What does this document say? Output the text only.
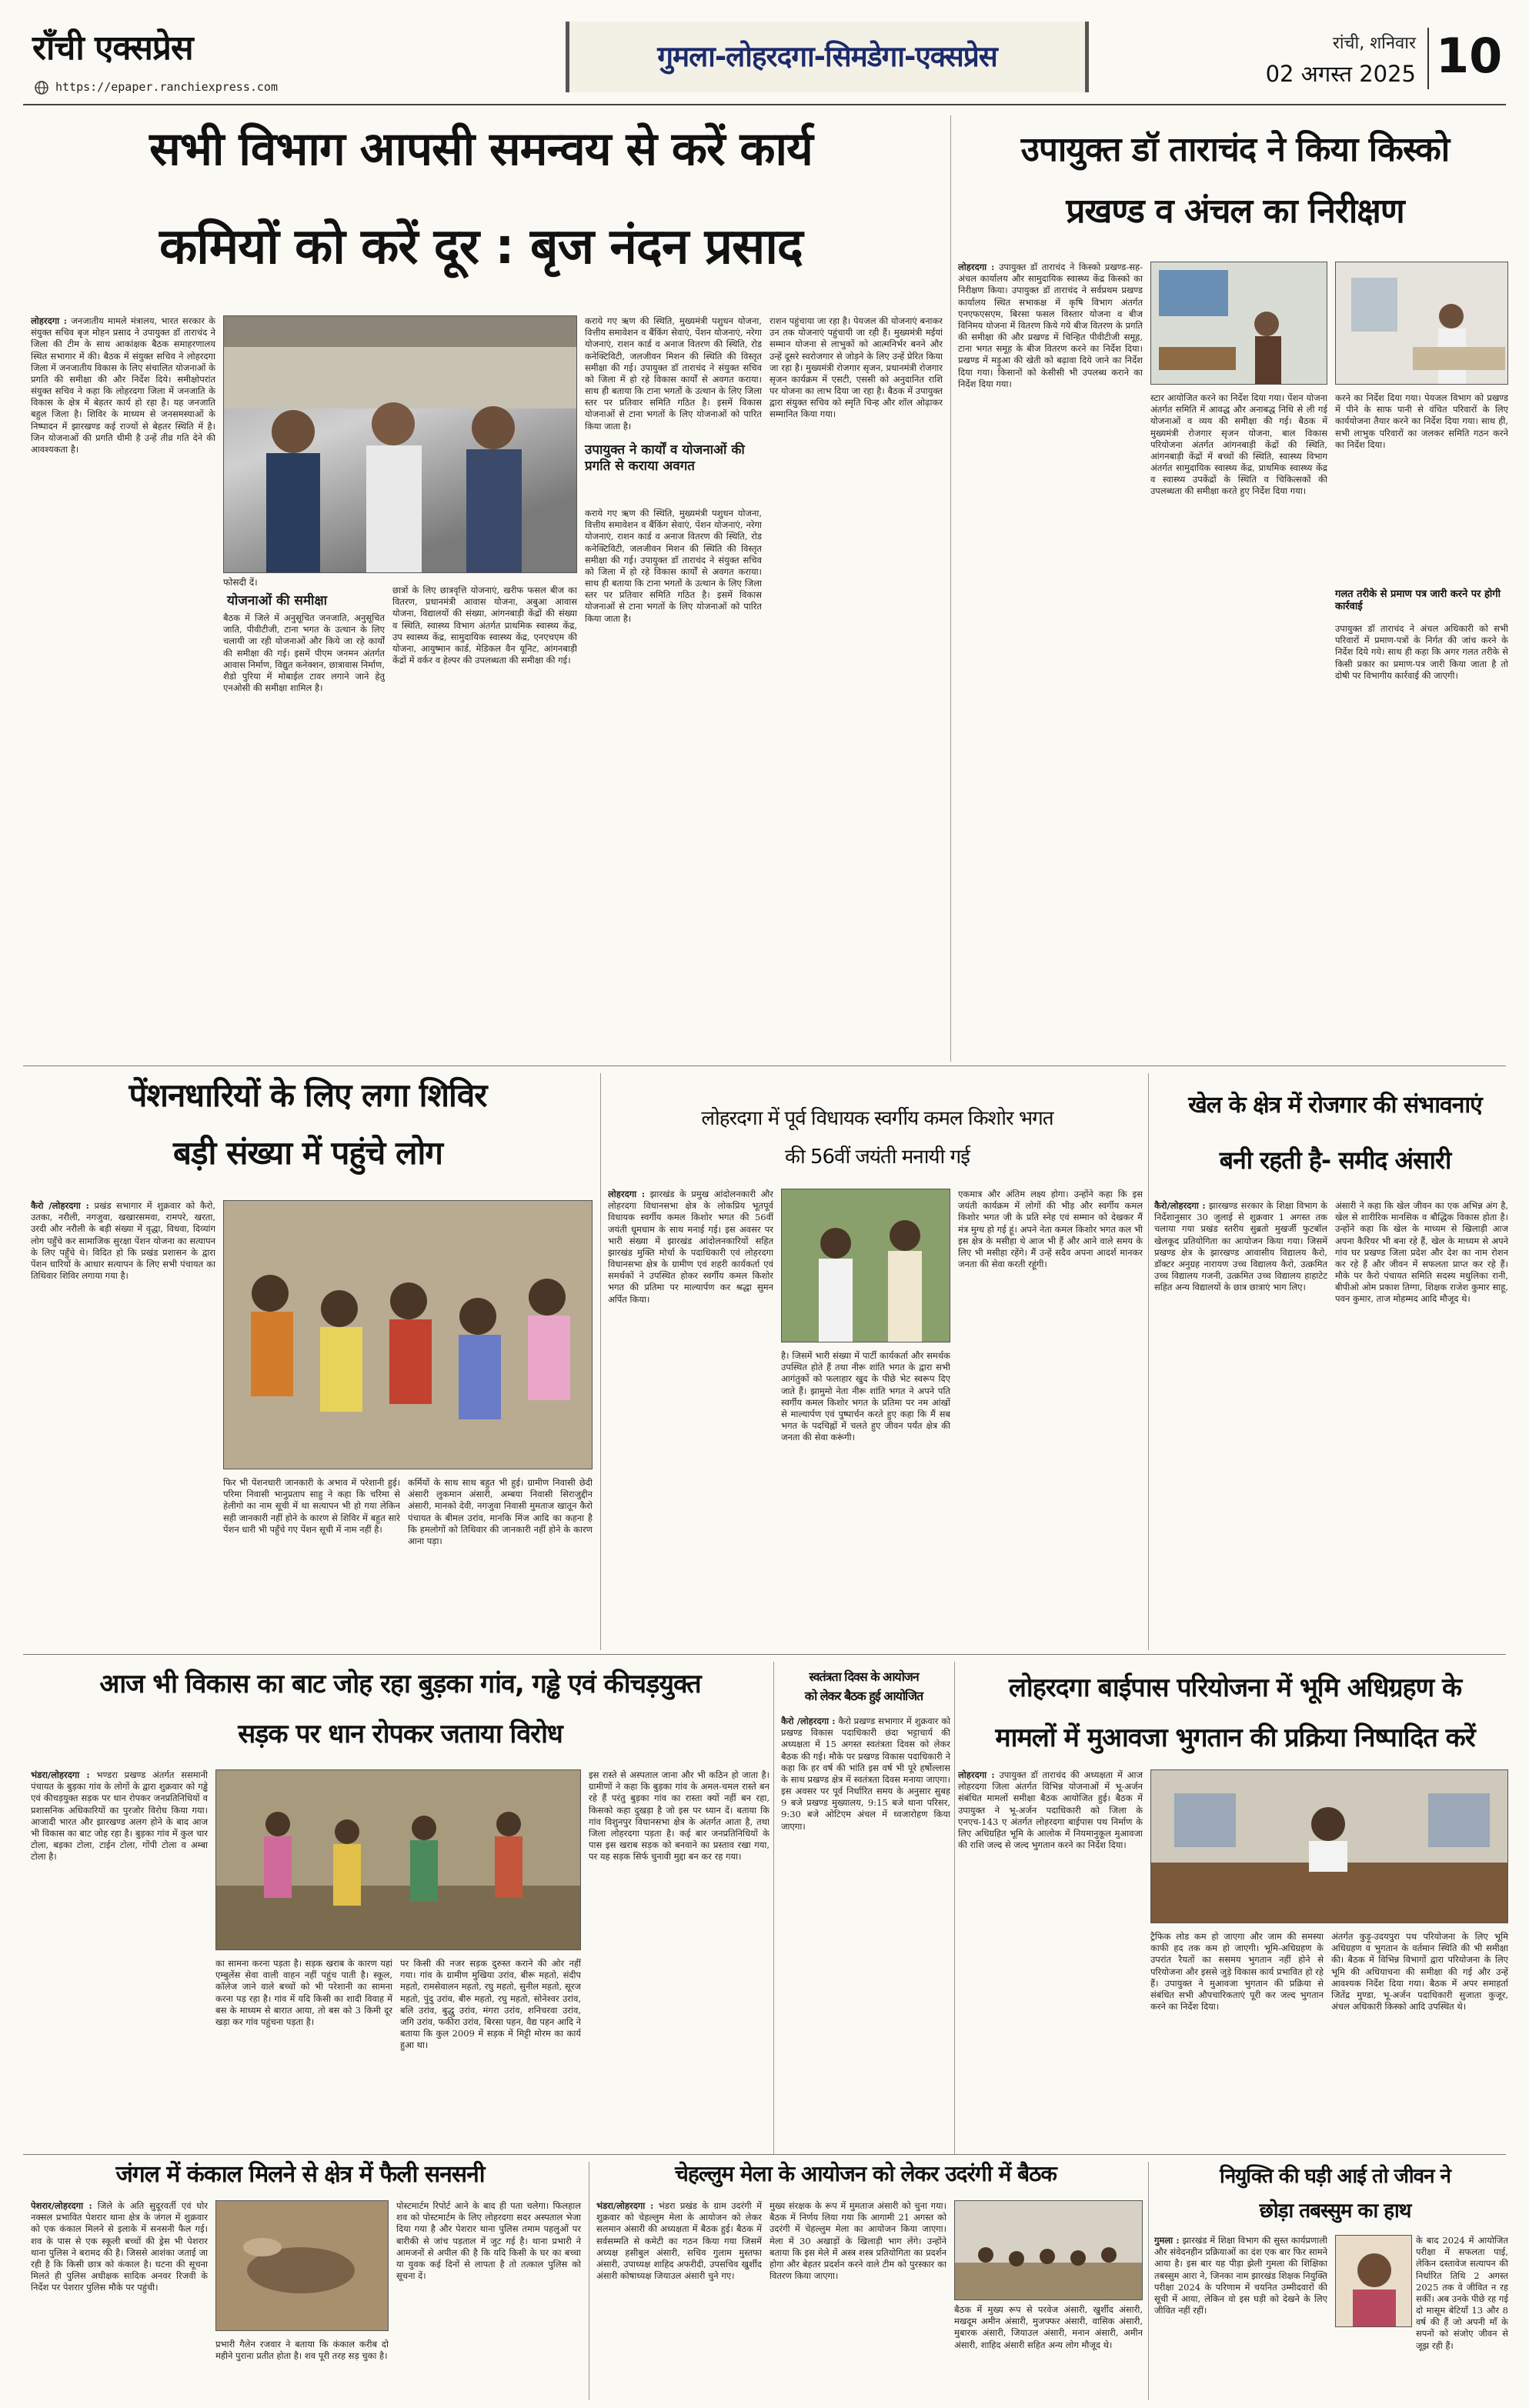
राँची एक्सप्रेस
https://epaper.ranchiexpress.com
गुमला-लोहरदगा-सिमडेगा-एक्सप्रेस	रांची, शनिवार
02 अगस्त 2025 10
सभी विभाग आपसी समन्वय से करें कार्य
कमियों को करें दूर : बृज नंदन प्रसाद
लोहरदगा : जनजातीय मामले मंत्रालय, भारत सरकार के संयुक्त सचिव बृज मोहन प्रसाद ने उपायुक्त डॉ ताराचंद ने जिला की टीम के साथ आकांक्षक बैठक समाहरणालय स्थित सभागार में की। बैठक में संयुक्त सचिव ने लोहरदगा जिला में जनजातीय विकास के लिए संचालित योजनाओं के प्रगति की समीक्षा की और निर्देश दिये। समीक्षोपरांत संयुक्त सचिव ने कहा कि लोहरदगा जिला में जनजाति के विकास के क्षेत्र में बेहतर कार्य हो रहा है। यह जनजाति बहुल जिला है। शिविर के माध्यम से जनसमस्याओं के निष्पादन में झारखण्ड कई राज्यों से बेहतर स्थिति में है। जिन योजनाओं की प्रगति धीमी है उन्हें तीव्र गति देने की आवश्यकता है।
फोसदी दें।
योजनाओं की समीक्षा
बैठक में जिले में अनुसूचित जनजाति, अनुसूचित जाति, पीवीटीजी, टाना भगत के उत्थान के लिए चलायी जा रही योजनाओं और किये जा रहे कार्यों की समीक्षा की गई। इसमें पीएम जनमन अंतर्गत आवास निर्माण, विद्युत कनेक्शन, छात्रावास निर्माण, शैडो पुरिया में मोबाईल टावर लगाने जाने हेतु एनओसी की समीक्षा शामिल है।
छात्रों के लिए छात्रवृत्ति योजनाएं, खरीफ फसल बीज का वितरण, प्रधानमंत्री आवास योजना, अबुआ आवास योजना, विद्यालयों की संख्या, आंगनबाड़ी केंद्रों की संख्या व स्थिति, स्वास्थ्य विभाग अंतर्गत प्राथमिक स्वास्थ्य केंद्र, उप स्वास्थ्य केंद्र, सामुदायिक स्वास्थ्य केंद्र, एनएचएम की योजना, आयुष्मान कार्ड, मेडिकल वैन यूनिट, आंगनबाड़ी केंद्रों में वर्कर व हेल्पर की उपलब्धता की समीक्षा की गई।
कराये गए ऋण की स्थिति, मुख्यमंत्री पशुधन योजना, वित्तीय समावेशन व बैंकिंग सेवाएं, पेंशन योजनाएं, नरेगा योजनाएं, राशन कार्ड व अनाज वितरण की स्थिति, रोड कनेक्टिविटी, जलजीवन मिशन की स्थिति की विस्तृत समीक्षा की गई। उपायुक्त डॉ ताराचंद ने संयुक्त सचिव को जिला में हो रहे विकास कार्यों से अवगत कराया। साथ ही बताया कि टाना भगतों के उत्थान के लिए जिला स्तर पर प्रतिवार समिति गठित है। इसमें विकास योजनाओं से टाना भगतों के लिए योजनाओं को पारित किया जाता है।
उपायुक्त ने कार्यों व योजनाओं की प्रगति से कराया अवगत
कराये गए ऋण की स्थिति, मुख्यमंत्री पशुधन योजना, वित्तीय समावेशन व बैंकिंग सेवाएं, पेंशन योजनाएं, नरेगा योजनाएं, राशन कार्ड व अनाज वितरण की स्थिति, रोड कनेक्टिविटी, जलजीवन मिशन की स्थिति की विस्तृत समीक्षा की गई। उपायुक्त डॉ ताराचंद ने संयुक्त सचिव को जिला में हो रहे विकास कार्यों से अवगत कराया। साथ ही बताया कि टाना भगतों के उत्थान के लिए जिला स्तर पर प्रतिवार समिति गठित है। इसमें विकास योजनाओं से टाना भगतों के लिए योजनाओं को पारित किया जाता है।
राशन पहुंचाया जा रहा है। पेयजल की योजनाएं बनाकर उन तक योजनाएं पहुंचायी जा रही हैं। मुख्यमंत्री मईयां सम्मान योजना से लाभुकों को आत्मनिर्भर बनने और उन्हें दूसरे स्वरोजगार से जोड़ने के लिए उन्हें प्रेरित किया जा रहा है। मुख्यमंत्री रोजगार सृजन, प्रधानमंत्री रोजगार सृजन कार्यक्रम में एसटी, एससी को अनुदानित राशि पर योजना का लाभ दिया जा रहा है। बैठक में उपायुक्त द्वारा संयुक्त सचिव को स्मृति चिन्ह और शॉल ओढ़ाकर सम्मानित किया गया।
उपायुक्त डॉ ताराचंद ने किया किस्को
प्रखण्ड व अंचल का निरीक्षण
लोहरदगा : उपायुक्त डॉ ताराचंद ने किस्को प्रखण्ड-सह-अंचल कार्यालय और सामुदायिक स्वास्थ्य केंद्र किस्को का निरीक्षण किया। उपायुक्त डॉ ताराचंद ने सर्वप्रथम प्रखण्ड कार्यालय स्थित सभाकक्ष में कृषि विभाग अंतर्गत एनएफएसएम, बिरसा फसल विस्तार योजना व बीज विनिमय योजना में वितरण किये गये बीज वितरण के प्रगति की समीक्षा की और प्रखण्ड में चिन्हित पीवीटीजी समूह, टाना भगत समूह के बीज वितरण करने का निर्देश दिया। प्रखण्ड में मड़ुआ की खेती को बढ़ावा दिये जाने का निर्देश दिया गया। किसानों को केसीसी भी उपलब्ध कराने का निर्देश दिया गया।
स्टार आयोजित करने का निर्देश दिया गया। पेंशन योजना अंतर्गत समिति में आवद्ध और अनाबद्ध निधि से ली गई योजनाओं व व्यय की समीक्षा की गई। बैठक में मुख्यमंत्री रोजगार सृजन योजना, बाल विकास परियोजना अंतर्गत आंगनबाड़ी केंद्रों की स्थिति, आंगनबाड़ी केंद्रों में बच्चों की स्थिति, स्वास्थ्य विभाग अंतर्गत सामुदायिक स्वास्थ्य केंद्र, प्राथमिक स्वास्थ्य केंद्र व स्वास्थ्य उपकेंद्रों के स्थिति व चिकित्सकों की उपलब्धता की समीक्षा करते हुए निर्देश दिया गया।
करने का निर्देश दिया गया। पेयजल विभाग को प्रखण्ड में पीने के साफ पानी से वंचित परिवारों के लिए कार्ययोजना तैयार करने का निर्देश दिया गया। साथ ही, सभी लाभुक परिवारों का जलकर समिति गठन करने का निर्देश दिया।
गलत तरीके से प्रमाण पत्र जारी करने पर होगी कार्रवाई
उपायुक्त डॉ ताराचंद ने अंचल अधिकारी को सभी परिवारों में प्रमाण-पत्रों के निर्गत की जांच करने के निर्देश दिये गये। साथ ही कहा कि अगर गलत तरीके से किसी प्रकार का प्रमाण-पत्र जारी किया जाता है तो दोषी पर विभागीय कार्रवाई की जाएगी।
पेंशनधारियों के लिए लगा शिविर
बड़ी संख्या में पहुंचे लोग
कैरो /लोहरदगा : प्रखंड सभागार में शुक्रवार को कैरो, उतका, नरौली, नगजुवा, खखारसमवा, रामपरे, खरता, उरदी और नरौली के बड़ी संख्या में वृद्धा, विधवा, दिव्यांग लोग पहुँचे कर सामाजिक सुरक्षा पेंशन योजना का सत्यापन के लिए पहुँचे थे। विदित हो कि प्रखंड प्रशासन के द्वारा पेंशन धारियों के आधार सत्यापन के लिए सभी पंचायत का तिथिवार शिविर लगाया गया है।
फिर भी पेंशनधारी जानकारी के अभाव में परेशानी हुई। परिमा निवासी भानुप्रताप साहु ने कहा कि चरिमा से हेलीगो का नाम सूची में था सत्यापन भी हो गया लेकिन सही जानकारी नहीं होने के कारण से शिविर में बहुत सारे पेंशन धारी भी पहुँचे गए पेंशन सूची में नाम नहीं है।
कर्मियों के साथ साथ बहुत भी हुई। ग्रामीण निवासी छेदी अंसारी लुकमान अंसारी, अम्बया निवासी सिराजुद्दीन अंसारी, मानको देवी, नगजुवा निवासी मुमताज खातून कैरो पंचायत के बीमल उरांव, मानकि मिंज आदि का कहना है कि हमलोगों को तिथिवार की जानकारी नहीं होने के कारण आना पड़ा।
लोहरदगा में पूर्व विधायक स्वर्गीय कमल किशोर भगत
की 56वीं जयंती मनायी गई
लोहरदगा : झारखंड के प्रमुख आंदोलनकारी और लोहरदगा विधानसभा क्षेत्र के लोकप्रिय भूतपूर्व विधायक स्वर्गीय कमल किशोर भगत की 56वीं जयंती धूमधाम के साथ मनाई गई। इस अवसर पर भारी संख्या में झारखंड आंदोलनकारियों सहित झारखंड मुक्ति मोर्चा के पदाधिकारी एवं लोहरदगा विधानसभा क्षेत्र के ग्रामीण एवं शहरी कार्यकर्ता एवं समर्थकों ने उपस्थित होकर स्वर्गीय कमल किशोर भगत की प्रतिमा पर माल्यार्पण कर श्रद्धा सुमन अर्पित किया।
है। जिसमें भारी संख्या में पार्टी कार्यकर्ता और समर्थक उपस्थित होते हैं तथा नीरू शांति भगत के द्वारा सभी आगंतुकों को फलाहार खुद के पीछे भेट स्वरूप दिए जाते हैं। झामुमो नेता नीरू शांति भगत ने अपने पति स्वर्गीय कमल किशोर भगत के प्रतिमा पर नम आंखों से माल्यार्पण एवं पुष्पार्चन करते हुए कहा कि मैं सब भगत के पदचिह्नों में चलते हुए जीवन पर्यंत क्षेत्र की जनता की सेवा करूंगी।
एकमात्र और अंतिम लक्ष्य होगा। उन्होंने कहा कि इस जयंती कार्यक्रम में लोगों की भीड़ और स्वर्गीय कमल किशोर भगत जी के प्रति स्नेह एवं सम्मान को देखकर मैं मंत्र मुग्ध हो गई हूं। अपने नेता कमल किशोर भगत कल भी इस क्षेत्र के मसीहा थे आज भी हैं और आने वाले समय के लिए भी मसीहा रहेंगे। मैं उन्हें सदैव अपना आदर्श मानकर जनता की सेवा करती रहूंगी।
खेल के क्षेत्र में रोजगार की संभावनाएं
बनी रहती है- समीद अंसारी
कैरो/लोहरदगा : झारखण्ड सरकार के शिक्षा विभाग के निर्देशानुसार 30 जुलाई से शुक्रवार 1 अगस्त तक चलाया गया प्रखंड स्तरीय सुब्रतो मुखर्जी फुटबॉल खेलकूद प्रतियोगिता का आयोजन किया गया। जिसमें प्रखण्ड क्षेत्र के झारखण्ड आवासीय विद्यालय कैरो, डॉक्टर अनुग्रह नारायण उच्च विद्यालय कैरो, उत्क्रमित उच्च विद्यालय गजनी, उत्क्रमित उच्च विद्यालय हाहाटेट सहित अन्य विद्यालयों के छात्र छात्राएं भाग लिए।
अंसारी ने कहा कि खेल जीवन का एक अभिन्न अंग है, खेल से शारीरिक मानसिक व बौद्धिक विकास होता है। उन्होंने कहा कि खेल के माध्यम से खिलाड़ी आज अपना कैरियर भी बना रहे हैं, खेल के माध्यम से अपने गांव घर प्रखण्ड जिला प्रदेश और देश का नाम रोशन कर रहे हैं और जीवन में सफलता प्राप्त कर रहे हैं। मौके पर कैरो पंचायत समिति सदस्य मधुलिका रानी, बीपीओ ओम प्रकाश तिग्गा, शिक्षक राजेश कुमार साहू, पवन कुमार, ताज मोहम्मद आदि मौजूद थे।
आज भी विकास का बाट जोह रहा बुड़का गांव, गड्ढे एवं कीचड़युक्त
सड़क पर धान रोपकर जताया विरोध
भंडरा/लोहरदगा : भण्डरा प्रखण्ड अंतर्गत ससमानी पंचायत के बुड़का गांव के लोगों के द्वारा शुक्रवार को गड्ढे एवं कीचड़युक्त सड़क पर धान रोपकर जनप्रतिनिधियों व प्रशासनिक अधिकारियों का पुरजोर विरोध किया गया। आजादी भारत और झारखण्ड अलग होने के बाद आज भी विकास का बाट जोह रहा है। बुड़का गांव में कुल चार टोला, बड़का टोला, टाईन टोला, गोंपी टोला व अम्बा टोला है।
का सामना करना पड़ता है। सड़क खराब के कारण यहां एम्बुलेंस सेवा वाली वाहन नहीं पहुंच पाती है। स्कूल, कॉलेज जाने वाले बच्चों को भी परेशानी का सामना करना पड़ रहा है। गांव में यदि किसी का शादी विवाह में बस के माध्यम से बारात आया, तो बस को 3 किमी दूर खड़ा कर गांव पहुंचना पड़ता है।
पर किसी की नजर सड़क दुरुस्त कराने की ओर नहीं गया। गांव के ग्रामीण मुखिया उरांव, बीरू महतो, संदीप महतो, रामसेवालन महतो, रघु महतो, सुनील महतो, सूरज महतो, पुंदु उरांव, बीरु महतो, रघु महतो, सोनेश्वर उरांव, बलि उरांव, बुद्धु उरांव, मंगरा उरांव, शनिचरवा उरांव, जगि उरांव, फकीरा उरांव, बिरसा पहन, वैद्य पहन आदि ने बताया कि कुल 2009 में सड़क में मिट्टी मोरम का कार्य हुआ था।
इस रास्ते से अस्पताल जाना और भी कठिन हो जाता है। ग्रामीणों ने कहा कि बुड़का गांव के अमल-चमल रास्ते बन रहे हैं परंतु बुड़का गांव का रास्ता क्यों नहीं बन रहा, किसको कहा दुखड़ा है जो इस पर ध्यान दें। बताया कि गांव विशुनपुर विधानसभा क्षेत्र के अंतर्गत आता है, तथा जिला लोहरदगा पड़ता है। कई बार जनप्रतिनिधियों के पास इस खराब सड़क को बनवाने का प्रस्ताव रखा गया, पर यह सड़क सिर्फ चुनावी मुद्दा बन कर रह गया।
स्वतंत्रता दिवस के आयोजन
को लेकर बैठक हुई आयोजित
कैरो /लोहरदगा : कैरो प्रखण्ड सभागार में शुक्रवार को प्रखण्ड विकास पदाधिकारी छंदा भट्टाचार्य की अध्यक्षता में 15 अगस्त स्वतंत्रता दिवस को लेकर बैठक की गई। मौके पर प्रखण्ड विकास पदाधिकारी ने कहा कि हर वर्ष की भांति इस वर्ष भी पूरे हर्षोल्लास के साथ प्रखण्ड क्षेत्र में स्वतंत्रता दिवस मनाया जाएगा। इस अवसर पर पूर्व निर्धारित समय के अनुसार सुबह 9 बजे प्रखण्ड मुख्यालय, 9:15 बजे थाना परिसर, 9:30 बजे ओटिएम अंचल में ध्वजारोहण किया जाएगा।
लोहरदगा बाईपास परियोजना में भूमि अधिग्रहण के
मामलों में मुआवजा भुगतान की प्रक्रिया निष्पादित करें
लोहरदगा : उपायुक्त डॉ ताराचंद की अध्यक्षता में आज लोहरदगा जिला अंतर्गत विभिन्न योजनाओं में भू-अर्जन संबंधित मामलों समीक्षा बैठक आयोजित हुई। बैठक में उपायुक्त ने भू-अर्जन पदाधिकारी को जिला के एनएच-143 ए अंतर्गत लोहरदगा बाईपास पथ निर्माण के लिए अधिग्रहित भूमि के आलोक में नियमानुकूल मुआवजा की राशि जल्द से जल्द भुगतान करने का निर्देश दिया।
ट्रैफिक लोड कम हो जाएगा और जाम की समस्या काफी हद तक कम हो जाएगी। भूमि-अधिग्रहण के उपरांत रैयतों का ससमय भुगतान नहीं होने से परियोजना और इससे जुड़े विकास कार्य प्रभावित हो रहे हैं। उपायुक्त ने मुआवजा भुगतान की प्रक्रिया से संबंधित सभी औपचारिकताएं पूरी कर जल्द भुगतान करने का निर्देश दिया।
अंतर्गत कुड़ू-उदयपुरा पथ परियोजना के लिए भूमि अधिग्रहण व भुगतान के वर्तमान स्थिति की भी समीक्षा की। बैठक में विभिन्न विभागों द्वारा परियोजना के लिए भूमि की अधियाचना की समीक्षा की गई और उन्हें आवश्यक निर्देश दिया गया। बैठक में अपर समाहर्ता जितेंद्र मुण्डा, भू-अर्जन पदाधिकारी सुजाता कुजूर, अंचल अधिकारी किस्को आदि उपस्थित थे।
जंगल में कंकाल मिलने से क्षेत्र में फैली सनसनी
पेशरार/लोहरदगा : जिले के अति सुदूरवर्ती एवं घोर नक्सल प्रभावित पेशरार थाना क्षेत्र के जंगल में शुक्रवार को एक कंकाल मिलने से इलाके में सनसनी फैल गई। शव के पास से एक स्कूली बच्चों की ड्रेस भी पेशरार थाना पुलिस ने बरामद की है। जिससे आशंका जताई जा रही है कि किसी छात्र को कंकाल है। घटना की सूचना मिलते ही पुलिस अधीक्षक सादिक अनवर रिजवी के निर्देश पर पेशरार पुलिस मौके पर पहुंची।
प्रभारी गैलेन रजवार ने बताया कि कंकाल करीब दो महीने पुराना प्रतीत होता है। शव पूरी तरह सड़ चुका है।
पोस्टमार्टम रिपोर्ट आने के बाद ही पता चलेगा। फिलहाल शव को पोस्टमार्टम के लिए लोहरदगा सदर अस्पताल भेजा दिया गया है और पेशरार थाना पुलिस तमाम पहलुओं पर बारीकी से जांच पड़ताल में जुट गई है। थाना प्रभारी ने आमजनों से अपील की है कि यदि किसी के घर का बच्चा या युवक कई दिनों से लापता है तो तत्काल पुलिस को सूचना दें।
चेहल्लुम मेला के आयोजन को लेकर उदरंगी में बैठक
भंडरा/लोहरदगा : भंडरा प्रखंड के ग्राम उदरंगी में शुक्रवार को चेहल्लुम मेला के आयोजन को लेकर सलमान अंसारी की अध्यक्षता में बैठक हुई। बैठक में सर्वसम्मति से कमेटी का गठन किया गया जिसमें अध्यक्ष हसीबुल अंसारी, सचिव गुलाम मुस्तफा अंसारी, उपाध्यक्ष शाहिद अफरीदी, उपसचिव खुर्शीद अंसारी कोषाध्यक्ष जियाउल अंसारी चुने गए।
मुख्य संरक्षक के रूप में मुमताज अंसारी को चुना गया। बैठक में निर्णय लिया गया कि आगामी 21 अगस्त को उदरंगी में चेहल्लुम मेला का आयोजन किया जाएगा। मेला में 30 अखाड़ों के खिलाड़ी भाग लेंगे। उन्होंने बताया कि इस मेले में अस्त्र शस्त्र प्रतियोगिता का प्रदर्शन होगा और बेहतर प्रदर्शन करने वाले टीम को पुरस्कार का वितरण किया जाएगा।
बैठक में मुख्य रूप से परवेज अंसारी, खुर्शीद अंसारी, मखदूम अमीन अंसारी, मुजफ्फर अंसारी, वासिक अंसारी, मुबारक अंसारी, जियाउल अंसारी, मनान अंसारी, अमीन अंसारी, शाहिद अंसारी सहित अन्य लोग मौजूद थे।
नियुक्ति की घड़ी आई तो जीवन ने
छोड़ा तबस्सुम का हाथ
गुमला : झारखंड में शिक्षा विभाग की सुस्त कार्यप्रणाली और संवेदनहीन प्रक्रियाओं का दंश एक बार फिर सामने आया है। इस बार यह पीड़ा झेली गुमला की शिक्षिका तबस्सुम आरा ने, जिनका नाम झारखंड शिक्षक नियुक्ति परीक्षा 2024 के परिणाम में चयनित उम्मीदवारों की सूची में आया, लेकिन वो इस घड़ी को देखने के लिए जीवित नहीं रहीं।
के बाद 2024 में आयोजित परीक्षा में सफलता पाई, लेकिन दस्तावेज सत्यापन की निर्धारित तिथि 2 अगस्त 2025 तक वे जीवित न रह सकीं। अब उनके पीछे रह गई दो मासूम बेटियाँ 13 और 8 वर्ष की हैं जो अपनी माँ के सपनों को संजोए जीवन से जूझ रही हैं।
